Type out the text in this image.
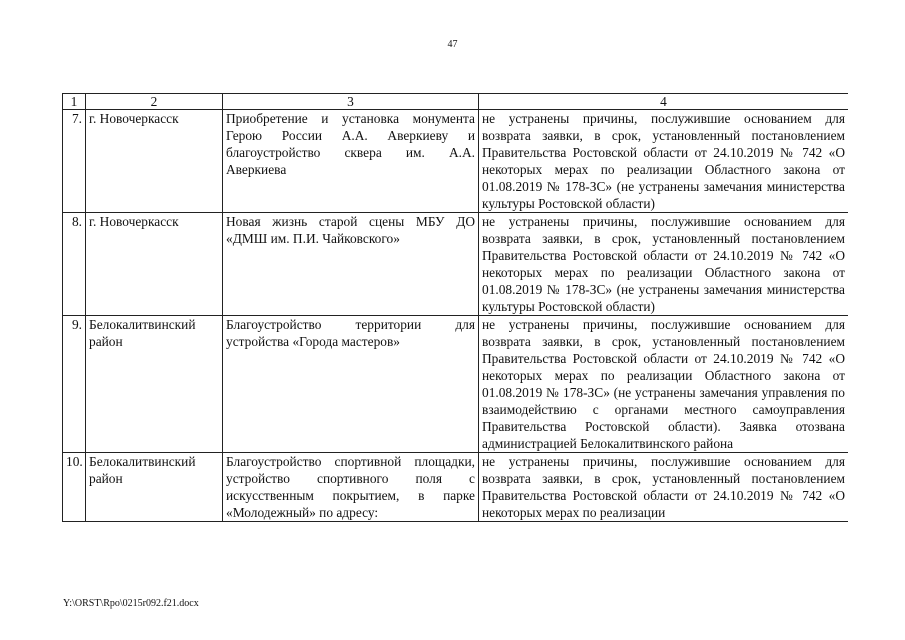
47
1	2	3	4
7.	г. Новочеркасск	Приобретение и установка монумента Герою России А.А. Аверкиеву и благоустройство сквера им. А.А. Аверкиева	не устранены причины, послужившие основанием для возврата заявки, в срок, установленный постановлением Правительства Ростовской области от 24.10.2019 № 742 «О некоторых мерах по реализации Областного закона от 01.08.2019 № 178-ЗС» (не устранены замечания министерства культуры Ростовской области)
8.	г. Новочеркасск	Новая жизнь старой сцены МБУ ДО «ДМШ им. П.И. Чайковского»	не устранены причины, послужившие основанием для возврата заявки, в срок, установленный постановлением Правительства Ростовской области от 24.10.2019 № 742 «О некоторых мерах по реализации Областного закона от 01.08.2019 № 178-ЗС» (не устранены замечания министерства культуры Ростовской области)
9.	Белокалитвинский район	Благоустройство территории для устройства «Города мастеров»	не устранены причины, послужившие основанием для возврата заявки, в срок, установленный постановлением Правительства Ростовской области от 24.10.2019 № 742 «О некоторых мерах по реализации Областного закона от 01.08.2019 № 178-ЗС» (не устранены замечания управления по взаимодействию с органами местного самоуправления Правительства Ростовской области). Заявка отозвана администрацией Белокалитвинского района
10.	Белокалитвинский район	Благоустройство спортивной площадки, устройство спортивного поля с искусственным покрытием, в парке «Молодежный» по адресу:	не устранены причины, послужившие основанием для возврата заявки, в срок, установленный постановлением Правительства Ростовской области от 24.10.2019 № 742 «О некоторых мерах по реализации
Y:\ORST\Rpo\0215r092.f21.docx
